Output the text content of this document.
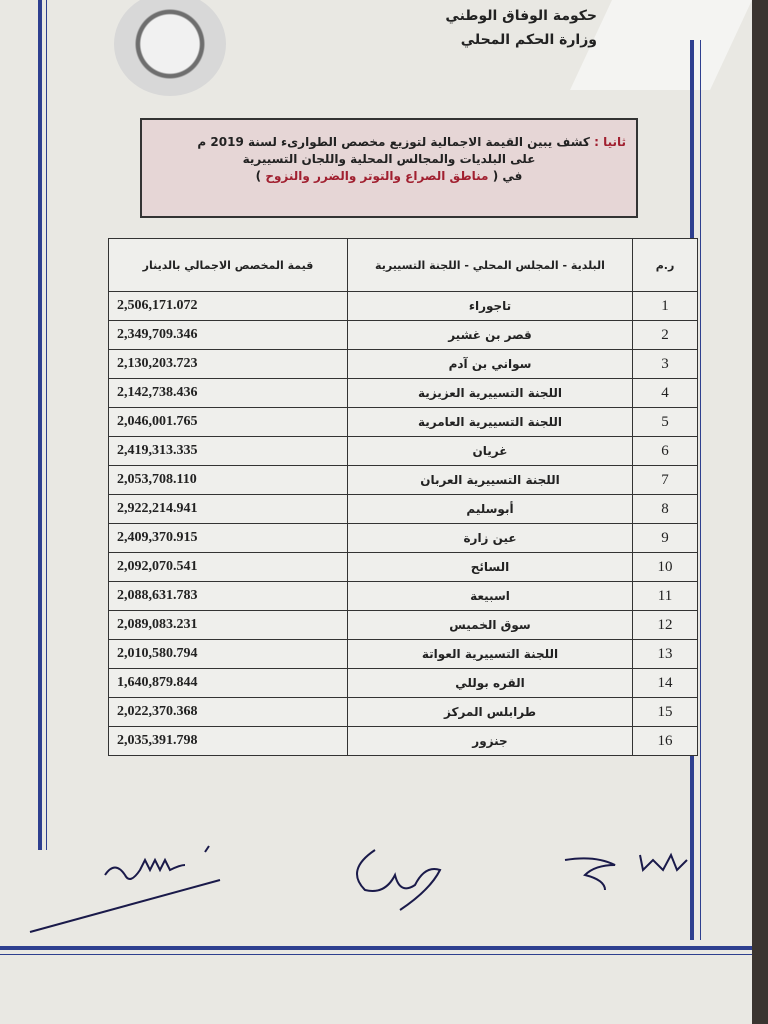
حكومة الوفاق الوطني
وزارة الحكم المحلي
ثانيا : كشف يبين القيمة الاجمالية لتوزيع مخصص الطوارىء لسنة 2019 م
على البلديات والمجالس المحلية واللجان التسييرية
في ( مناطق الصراع والتوتر والضرر والنزوح )
ر.م	البلدية - المجلس المحلي - اللجنة التسييرية	قيمة المخصص الاجمالي بالدينار
1	تاجوراء	2,506,171.072
2	قصر بن غشير	2,349,709.346
3	سواني بن آدم	2,130,203.723
4	اللجنة التسييرية العزيزية	2,142,738.436
5	اللجنة التسييرية العامرية	2,046,001.765
6	غريان	2,419,313.335
7	اللجنة التسييرية العربان	2,053,708.110
8	أبوسليم	2,922,214.941
9	عين زارة	2,409,370.915
10	السائح	2,092,070.541
11	اسبيعة	2,088,631.783
12	سوق الخميس	2,089,083.231
13	اللجنة التسييرية العواتة	2,010,580.794
14	القره بوللي	1,640,879.844
15	طرابلس المركز	2,022,370.368
16	جنزور	2,035,391.798
